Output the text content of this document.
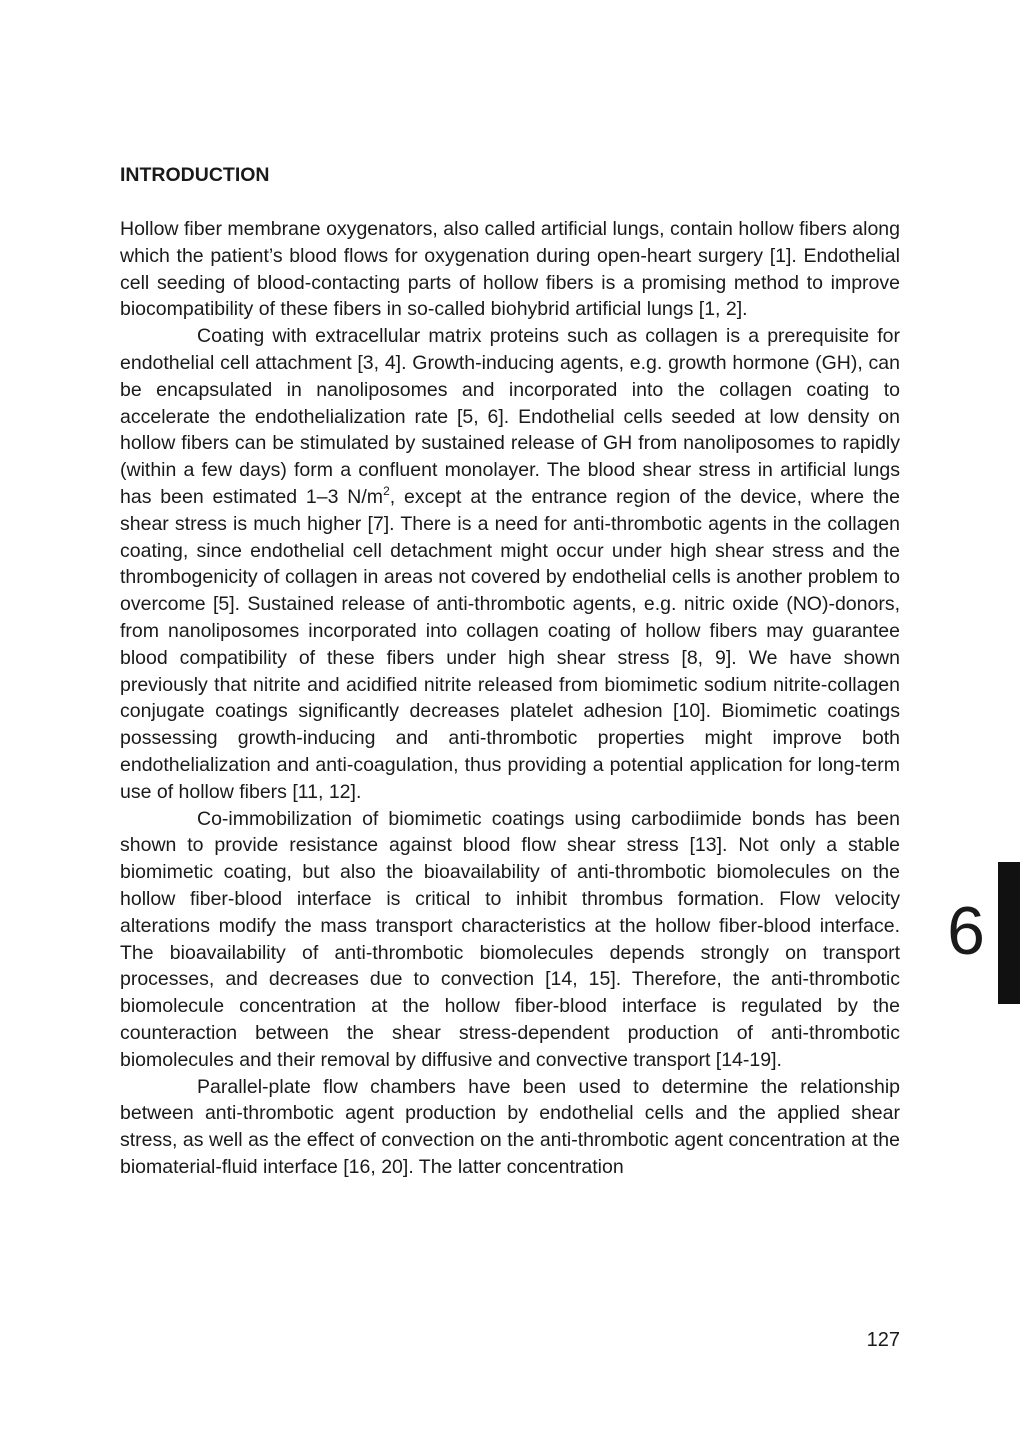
INTRODUCTION

Hollow fiber membrane oxygenators, also called artificial lungs, contain hollow fibers along which the patient’s blood flows for oxygenation during open-heart surgery [1]. Endothelial cell seeding of blood-contacting parts of hollow fibers is a promising method to improve biocompatibility of these fibers in so-called biohybrid artificial lungs [1, 2].

Coating with extracellular matrix proteins such as collagen is a prerequisite for endothelial cell attachment [3, 4]. Growth-inducing agents, e.g. growth hormone (GH), can be encapsulated in nanoliposomes and incorporated into the collagen coating to accelerate the endothelialization rate [5, 6]. Endothelial cells seeded at low density on hollow fibers can be stimulated by sustained release of GH from nanoliposomes to rapidly (within a few days) form a confluent monolayer. The blood shear stress in artificial lungs has been estimated 1–3 $N/m^2$, except at the entrance region of the device, where the shear stress is much higher [7]. There is a need for anti-thrombotic agents in the collagen coating, since endothelial cell detachment might occur under high shear stress and the thrombogenicity of collagen in areas not covered by endothelial cells is another problem to overcome [5]. Sustained release of anti-thrombotic agents, e.g. nitric oxide (NO)-donors, from nanoliposomes incorporated into collagen coating of hollow fibers may guarantee blood compatibility of these fibers under high shear stress [8, 9]. We have shown previously that nitrite and acidified nitrite released from biomimetic sodium nitrite-collagen conjugate coatings significantly decreases platelet adhesion [10]. Biomimetic coatings possessing growth-inducing and anti-thrombotic properties might improve both endothelialization and anti-coagulation, thus providing a potential application for long-term use of hollow fibers [11, 12].

Co-immobilization of biomimetic coatings using carbodiimide bonds has been shown to provide resistance against blood flow shear stress [13]. Not only a stable biomimetic coating, but also the bioavailability of anti-thrombotic biomolecules on the hollow fiber-blood interface is critical to inhibit thrombus formation. Flow velocity alterations modify the mass transport characteristics at the hollow fiber-blood interface. The bioavailability of anti-thrombotic biomolecules depends strongly on transport processes, and decreases due to convection [14, 15]. Therefore, the anti-thrombotic biomolecule concentration at the hollow fiber-blood interface is regulated by the counteraction between the shear stress-dependent production of anti-thrombotic biomolecules and their removal by diffusive and convective transport [14-19].

Parallel-plate flow chambers have been used to determine the relationship between anti-thrombotic agent production by endothelial cells and the applied shear stress, as well as the effect of convection on the anti-thrombotic agent concentration at the biomaterial-fluid interface [16, 20]. The latter concentration

6
127
